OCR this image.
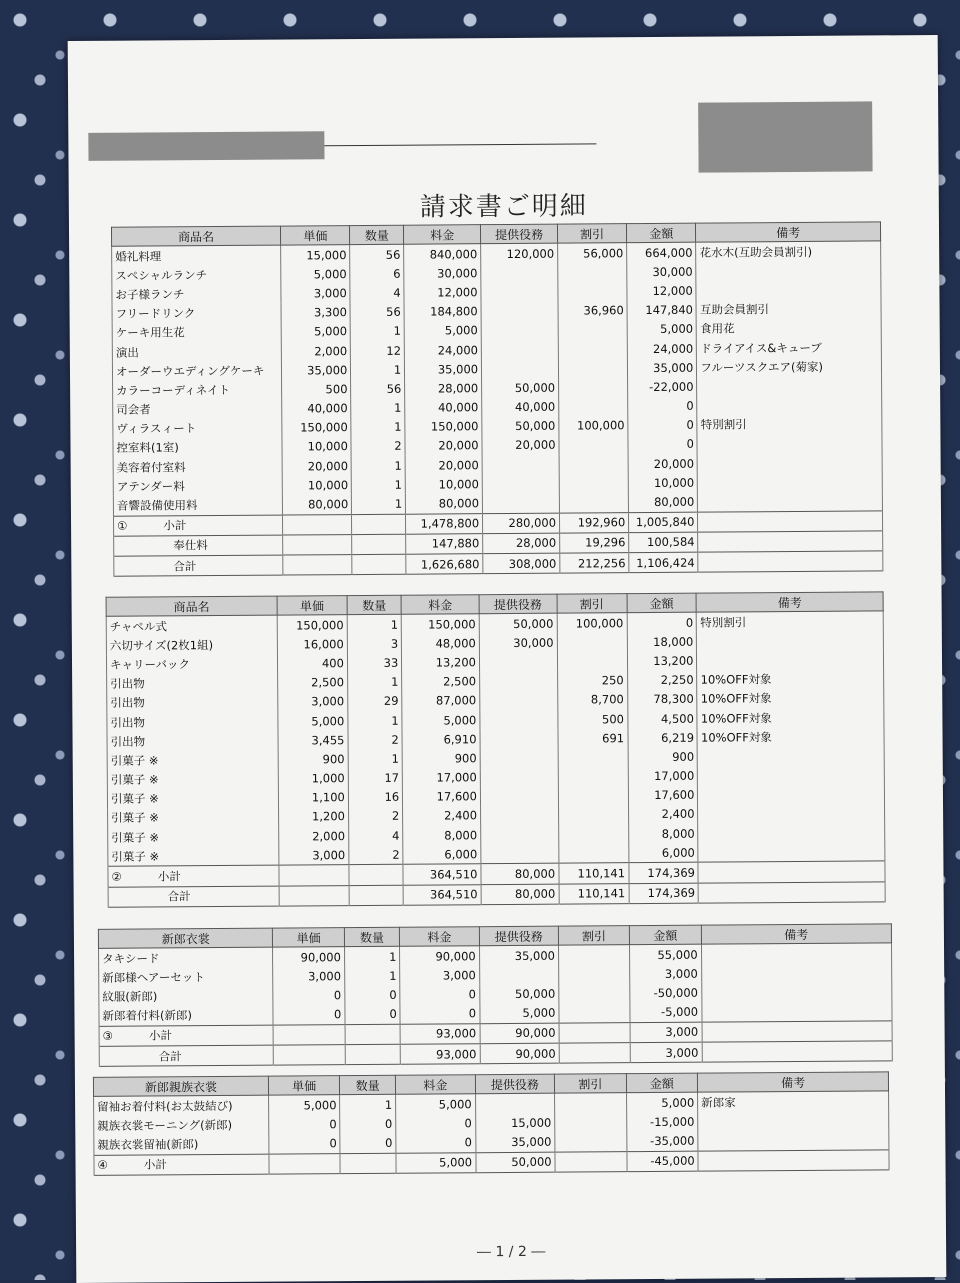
請求書ご明細
商品名	単価	数量	料金	提供役務	割引	金額	備考
婚礼料理	15,000	56	840,000	120,000	56,000	664,000	花水木(互助会員割引)
スペシャルランチ	5,000	6	30,000			30,000	
お子様ランチ	3,000	4	12,000			12,000	
フリードリンク	3,300	56	184,800		36,960	147,840	互助会員割引
ケーキ用生花	5,000	1	5,000			5,000	食用花
演出	2,000	12	24,000			24,000	ドライアイス&キューブ
オーダーウエディングケーキ	35,000	1	35,000			35,000	フルーツスクエア(菊家)
カラーコーディネイト	500	56	28,000	50,000		-22,000	
司会者	40,000	1	40,000	40,000		0	
ヴィラスィート	150,000	1	150,000	50,000	100,000	0	特別割引
控室料(1室)	10,000	2	20,000	20,000		0	
美容着付室料	20,000	1	20,000			20,000	
アテンダー料	10,000	1	10,000			10,000	
音響設備使用料	80,000	1	80,000			80,000	
① 小計			1,478,800	280,000	192,960	1,005,840	
奉仕料			147,880	28,000	19,296	100,584	
合計			1,626,680	308,000	212,256	1,106,424	
商品名	単価	数量	料金	提供役務	割引	金額	備考
チャペル式	150,000	1	150,000	50,000	100,000	0	特別割引
六切サイズ(2枚1組)	16,000	3	48,000	30,000		18,000	
キャリーバック	400	33	13,200			13,200	
引出物	2,500	1	2,500		250	2,250	10%OFF対象
引出物	3,000	29	87,000		8,700	78,300	10%OFF対象
引出物	5,000	1	5,000		500	4,500	10%OFF対象
引出物	3,455	2	6,910		691	6,219	10%OFF対象
引菓子 ※	900	1	900			900	
引菓子 ※	1,000	17	17,000			17,000	
引菓子 ※	1,100	16	17,600			17,600	
引菓子 ※	1,200	2	2,400			2,400	
引菓子 ※	2,000	4	8,000			8,000	
引菓子 ※	3,000	2	6,000			6,000	
② 小計			364,510	80,000	110,141	174,369	
合計			364,510	80,000	110,141	174,369	
新郎衣裳	単価	数量	料金	提供役務	割引	金額	備考
タキシード	90,000	1	90,000	35,000		55,000	
新郎様ヘアーセット	3,000	1	3,000			3,000	
紋服(新郎)	0	0	0	50,000		-50,000	
新郎着付料(新郎)	0	0	0	5,000		-5,000	
③ 小計			93,000	90,000		3,000	
合計			93,000	90,000		3,000	
新郎親族衣裳	単価	数量	料金	提供役務	割引	金額	備考
留袖お着付料(お太鼓結び)	5,000	1	5,000			5,000	新郎家
親族衣裳モーニング(新郎)	0	0	0	15,000		-15,000	
親族衣裳留袖(新郎)	0	0	0	35,000		-35,000	
④ 小計			5,000	50,000		-45,000	
― 1 / 2 ―
